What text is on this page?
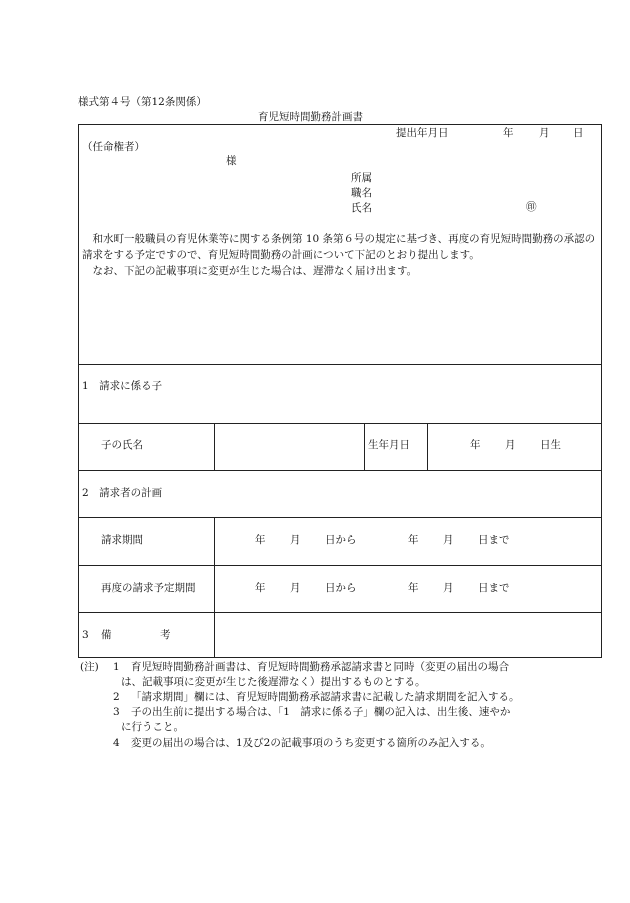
様式第４号（第12条関係）
育児短時間勤務計画書
提出年月日	年 月 日
（任命権者）
様
所属
職名
氏名	㊞
和水町一般職員の育児休業等に関する条例第 10 条第６号の規定に基づき、再度の育児短時間勤務の承認の請求をする予定ですので、育児短時間勤務の計画について下記のとおり提出します。
なお、下記の記載事項に変更が生じた場合は、遅滞なく届け出ます。
1　請求に係る子
子の氏名	生年月日	年 月 日生
2　請求者の計画
請求期間	年 月 日から	年 月 日まで
再度の請求予定期間	年 月 日から	年 月 日まで
3 備	考
(注) 1 育児短時間勤務計画書は、育児短時間勤務承認請求書と同時（変更の届出の場合
は、記載事項に変更が生じた後遅滞なく）提出するものとする。
2 「請求期間」欄には、育児短時間勤務承認請求書に記載した請求期間を記入する。
3 子の出生前に提出する場合は、「1　請求に係る子」欄の記入は、出生後、速やか
に行うこと。
4 変更の届出の場合は、1及び2の記載事項のうち変更する箇所のみ記入する。
